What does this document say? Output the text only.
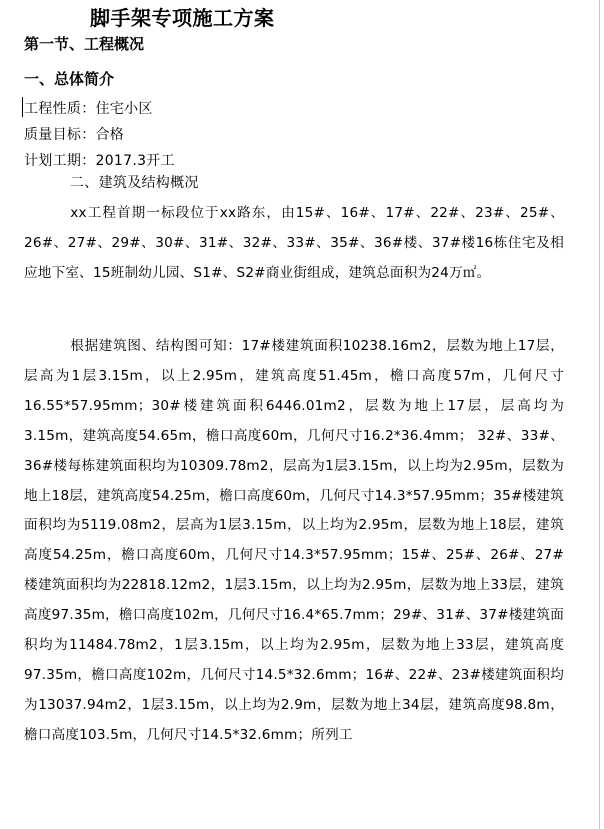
脚手架专项施工方案
第一节、工程概况
一、总体简介
工程性质：住宅小区
质量目标：合格
计划工期：2017.3开工
二、建筑及结构概况

xx工程首期一标段位于xx路东，由15#、16#、17#、22#、23#、25#、26#、27#、29#、30#、31#、32#、33#、35#、36#楼、37#楼16栋住宅及相应地下室、15班制幼儿园、S1#、S2#商业街组成，建筑总面积为24万㎡。

根据建筑图、结构图可知：17#楼建筑面积10238.16m2，层数为地上17层，层高为1层3.15m，以上2.95m，建筑高度51.45m，檐口高度57m，几何尺寸16.55*57.95mm；30#楼建筑面积6446.01m2，层数为地上17层，层高均为3.15m，建筑高度54.65m，檐口高度60m，几何尺寸16.2*36.4mm； 32#、33#、36#楼每栋建筑面积均为10309.78m2，层高为1层3.15m，以上均为2.95m，层数为地上18层，建筑高度54.25m，檐口高度60m，几何尺寸14.3*57.95mm；35#楼建筑面积均为5119.08m2，层高为1层3.15m，以上均为2.95m，层数为地上18层，建筑高度54.25m，檐口高度60m，几何尺寸14.3*57.95mm；15#、25#、26#、27#楼建筑面积均为22818.12m2，1层3.15m，以上均为2.95m，层数为地上33层，建筑高度97.35m，檐口高度102m，几何尺寸16.4*65.7mm；29#、31#、37#楼建筑面积均为11484.78m2，1层3.15m，以上均为2.95m，层数为地上33层，建筑高度97.35m，檐口高度102m，几何尺寸14.5*32.6mm；16#、22#、23#楼建筑面积均为13037.94m2，1层3.15m，以上均为2.9m，层数为地上34层，建筑高度98.8m，檐口高度103.5m，几何尺寸14.5*32.6mm；所列工
